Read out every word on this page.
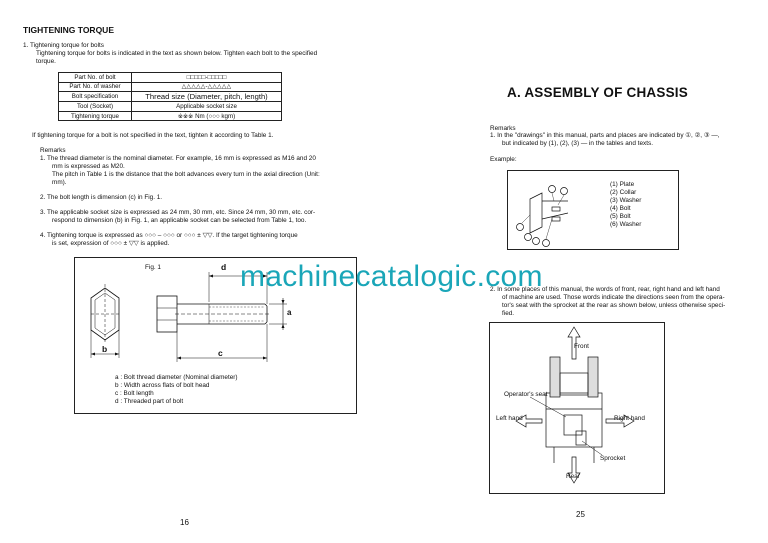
TIGHTENING TORQUE
1. Tightening torque for bolts
Tightening torque for bolts is indicated in the text as shown below. Tighten each bolt to the specified
torque.
Part No. of bolt	□□□□□-□□□□□
Part No. of washer	△△△△△-△△△△△
Bolt specification	Thread size (Diameter, pitch, length)
Tool (Socket)	Applicable socket size
Tightening torque	※※※ Nm (○○○ kgm)
If tightening torque for a bolt is not specified in the text, tighten it according to Table 1.
Remarks
1. The thread diameter is the nominal diameter. For example, 16 mm is expressed as M16 and 20
mm is expressed as M20.
The pitch in Table 1 is the distance that the bolt advances every turn in the axial direction (Unit:
mm).
2. The bolt length is dimension (c) in Fig. 1.
3. The applicable socket size is expressed as 24 mm, 30 mm, etc. Since 24 mm, 30 mm, etc. cor-
respond to dimension (b) in Fig. 1, an applicable socket can be selected from Table 1, too.
4. Tightening torque is expressed as ○○○ – ○○○ or ○○○ ± ▽▽. If the target tightening torque
is set, expression of ○○○ ± ▽▽ is applied.
Fig. 1
b
d
c
a
a : Bolt thread diameter (Nominal diameter)
b : Width across flats of bolt head
c : Bolt length
d : Threaded part of bolt
16
A. ASSEMBLY OF CHASSIS
Remarks
1. In the "drawings" in this manual, parts and places are indicated by ①, ②, ③ —,
but indicated by (1), (2), (3) — in the tables and texts.
Example:
(1) Plate
(2) Collar
(3) Washer
(4) Bolt
(5) Bolt
(6) Washer
2. In some places of this manual, the words of front, rear, right hand and left hand
of machine are used. Those words indicate the directions seen from the opera-
tor's seat with the sprocket at the rear as shown below, unless otherwise speci-
fied.
Front
Operator's seat
Left hand	Right hand
Sprocket
Rear
25
machinecatalogic.com
